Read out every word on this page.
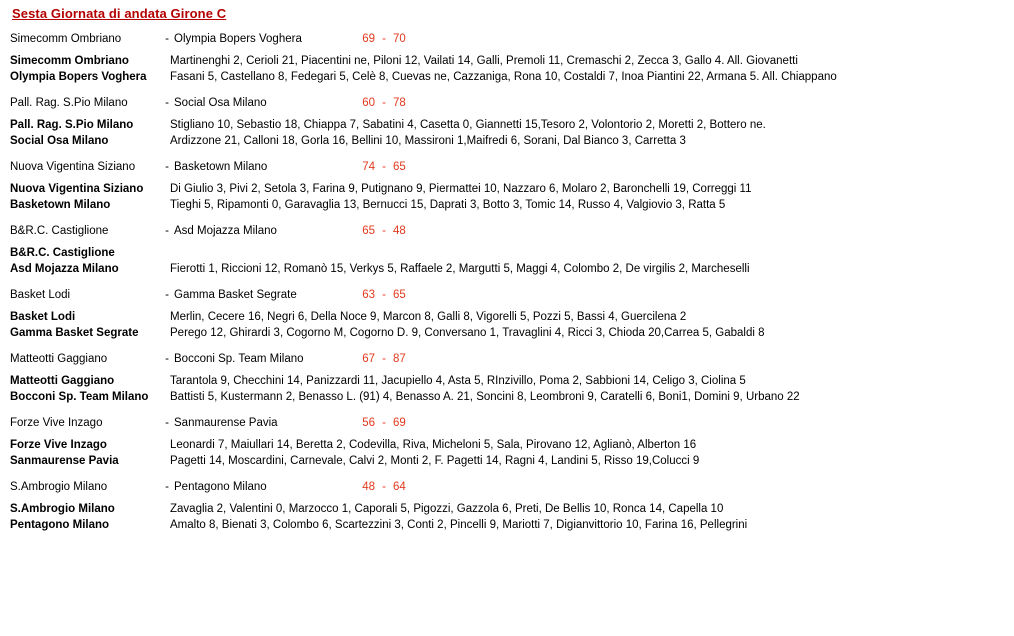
Sesta Giornata di andata Girone C
Simecomm Ombriano	- Olympia Bopers Voghera	69 - 70
Simecomm Ombriano	Martinenghi 2, Cerioli 21, Piacentini ne, Piloni 12, Vailati 14, Galli, Premoli 11, Cremaschi 2, Zecca 3, Gallo 4. All. Giovanetti
Olympia Bopers Voghera	Fasani 5, Castellano 8, Fedegari 5, Celè 8, Cuevas ne, Cazzaniga, Rona 10, Costaldi 7, Inoa Piantini 22, Armana 5. All. Chiappano
Pall. Rag. S.Pio Milano	- Social Osa Milano	60 - 78
Pall. Rag. S.Pio Milano	Stigliano 10, Sebastio 18, Chiappa 7, Sabatini 4, Casetta 0, Giannetti 15,Tesoro 2, Volontorio 2, Moretti 2, Bottero ne.
Social Osa Milano	Ardizzone 21, Calloni 18, Gorla 16, Bellini 10, Massironi 1,Maifredi 6, Sorani, Dal Bianco 3, Carretta 3
Nuova Vigentina Siziano	- Basketown Milano	74 - 65
Nuova Vigentina Siziano	Di Giulio 3, Pivi 2, Setola 3, Farina 9, Putignano 9, Piermattei 10, Nazzaro 6, Molaro 2, Baronchelli 19, Correggi 11
Basketown Milano	Tieghi 5, Ripamonti 0, Garavaglia 13, Bernucci 15, Daprati 3, Botto 3, Tomic 14, Russo 4, Valgiovio 3, Ratta 5
B&R.C. Castiglione	- Asd Mojazza Milano	65 - 48
B&R.C. Castiglione
Asd Mojazza Milano	Fierotti 1, Riccioni 12, Romanò 15, Verkys 5, Raffaele 2, Margutti 5, Maggi 4, Colombo 2, De virgilis 2, Marcheselli
Basket Lodi	- Gamma Basket Segrate	63 - 65
Basket Lodi	Merlin, Cecere 16, Negri 6, Della Noce 9, Marcon 8, Galli 8, Vigorelli 5, Pozzi 5, Bassi 4, Guercilena 2
Gamma Basket Segrate	Perego 12, Ghirardi 3, Cogorno M, Cogorno D. 9, Conversano 1, Travaglini 4, Ricci 3, Chioda 20,Carrea 5, Gabaldi 8
Matteotti Gaggiano	- Bocconi Sp. Team Milano	67 - 87
Matteotti Gaggiano	Tarantola 9, Checchini 14, Panizzardi 11, Jacupiello 4, Asta 5, RInzivillo, Poma 2, Sabbioni 14, Celigo 3, Ciolina 5
Bocconi Sp. Team Milano	Battisti 5, Kustermann 2, Benasso L. (91) 4, Benasso A. 21, Soncini 8, Leombroni 9, Caratelli 6, Boni1, Domini 9, Urbano 22
Forze Vive Inzago	- Sanmaurense Pavia	56 - 69
Forze Vive Inzago	Leonardi 7, Maiullari 14, Beretta 2, Codevilla, Riva, Micheloni 5, Sala, Pirovano 12, Aglianò, Alberton 16
Sanmaurense Pavia	Pagetti 14, Moscardini, Carnevale, Calvi 2, Monti 2, F. Pagetti 14, Ragni 4, Landini 5, Risso 19,Colucci 9
S.Ambrogio Milano	- Pentagono Milano	48 - 64
S.Ambrogio Milano	Zavaglia 2, Valentini 0, Marzocco 1, Caporali 5, Pigozzi, Gazzola 6, Preti, De Bellis 10, Ronca 14, Capella 10
Pentagono Milano	Amalto 8, Bienati 3, Colombo 6, Scartezzini 3, Conti 2, Pincelli 9, Mariotti 7, Digianvittorio 10, Farina 16, Pellegrini
